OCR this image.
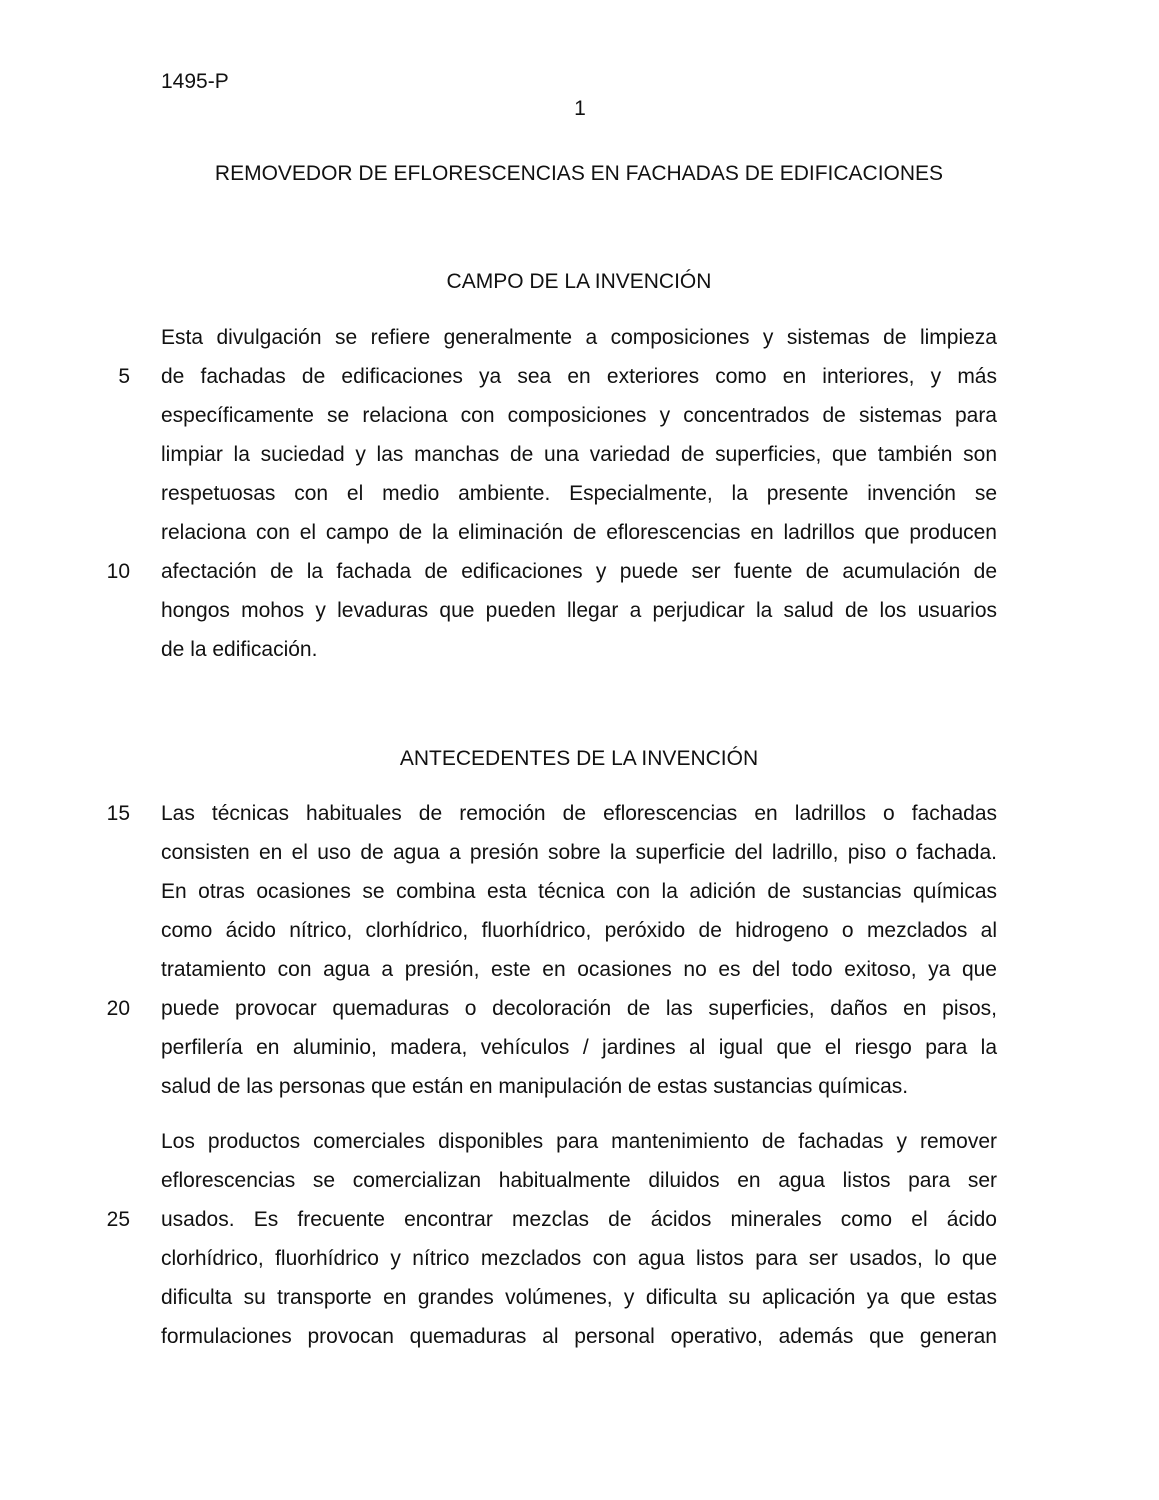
1495-P
1
REMOVEDOR DE EFLORESCENCIAS EN FACHADAS DE EDIFICACIONES
CAMPO DE LA INVENCIÓN
Esta divulgación se refiere generalmente a composiciones y sistemas de limpieza
de fachadas de edificaciones ya sea en exteriores como en interiores, y más
específicamente se relaciona con composiciones y concentrados de sistemas para
limpiar la suciedad y las manchas de una variedad de superficies, que también son
respetuosas con el medio ambiente. Especialmente, la presente invención se
relaciona con el campo de la eliminación de eflorescencias en ladrillos que producen
afectación de la fachada de edificaciones y puede ser fuente de acumulación de
hongos mohos y levaduras que pueden llegar a perjudicar la salud de los usuarios
de la edificación.
ANTECEDENTES DE LA INVENCIÓN
Las técnicas habituales de remoción de eflorescencias en ladrillos o fachadas
consisten en el uso de agua a presión sobre la superficie del ladrillo, piso o fachada.
En otras ocasiones se combina esta técnica con la adición de sustancias químicas
como ácido nítrico, clorhídrico, fluorhídrico, peróxido de hidrogeno o mezclados al
tratamiento con agua a presión, este en ocasiones no es del todo exitoso, ya que
puede provocar quemaduras o decoloración de las superficies, daños en pisos,
perfilería en aluminio, madera, vehículos / jardines al igual que el riesgo para la
salud de las personas que están en manipulación de estas sustancias químicas.
Los productos comerciales disponibles para mantenimiento de fachadas y remover
eflorescencias se comercializan habitualmente diluidos en agua listos para ser
usados. Es frecuente encontrar mezclas de ácidos minerales como el ácido
clorhídrico, fluorhídrico y nítrico mezclados con agua listos para ser usados, lo que
dificulta su transporte en grandes volúmenes, y dificulta su aplicación ya que estas
formulaciones provocan quemaduras al personal operativo, además que generan
5
10
15
20
25
